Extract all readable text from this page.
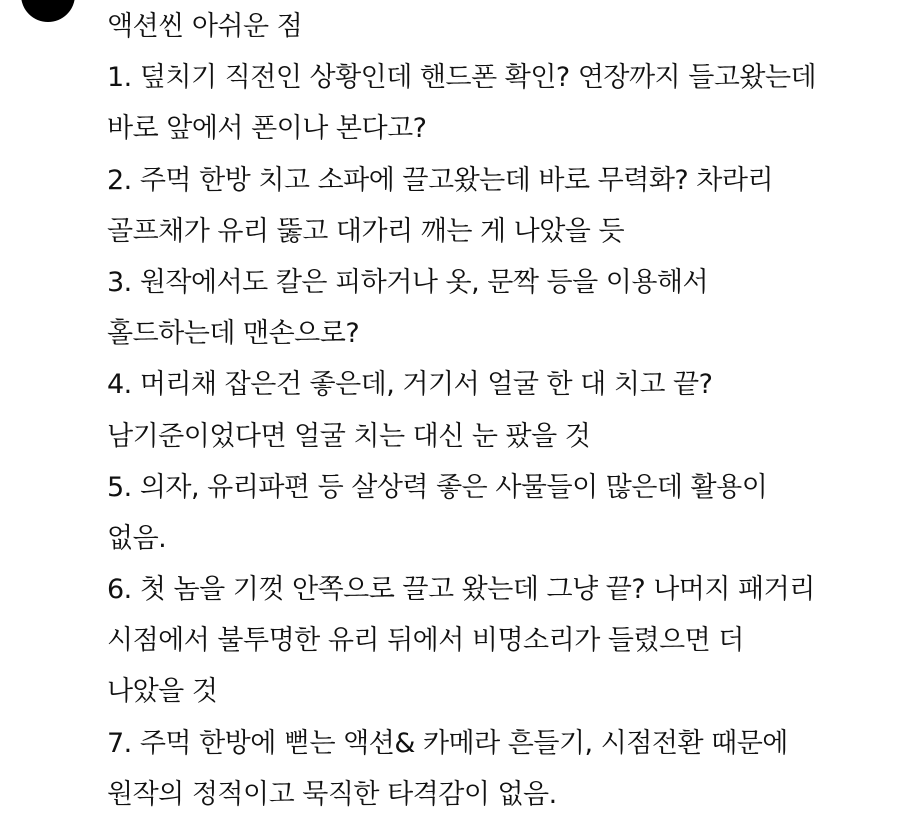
액션씬 아쉬운 점
1. 덮치기 직전인 상황인데 핸드폰 확인? 연장까지 들고왔는데
바로 앞에서 폰이나 본다고?
2. 주먹 한방 치고 소파에 끌고왔는데 바로 무력화? 차라리
골프채가 유리 뚫고 대가리 깨는 게 나았을 듯
3. 원작에서도 칼은 피하거나 옷, 문짝 등을 이용해서
홀드하는데 맨손으로?
4. 머리채 잡은건 좋은데, 거기서 얼굴 한 대 치고 끝?
남기준이었다면 얼굴 치는 대신 눈 팠을 것
5. 의자, 유리파편 등 살상력 좋은 사물들이 많은데 활용이
없음.
6. 첫 놈을 기껏 안쪽으로 끌고 왔는데 그냥 끝? 나머지 패거리
시점에서 불투명한 유리 뒤에서 비명소리가 들렸으면 더
나았을 것
7. 주먹 한방에 뻗는 액션& 카메라 흔들기, 시점전환 때문에
원작의 정적이고 묵직한 타격감이 없음.
